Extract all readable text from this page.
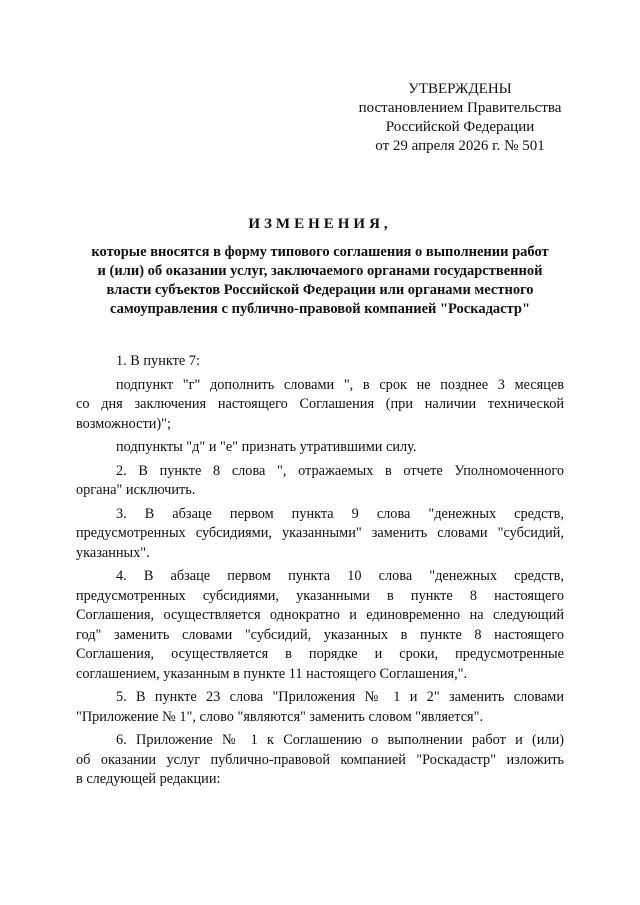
УТВЕРЖДЕНЫ
постановлением Правительства
Российской Федерации
от 29 апреля 2026 г. № 501
ИЗМЕНЕНИЯ,
которые вносятся в форму типового соглашения о выполнении работ
и (или) об оказании услуг, заключаемого органами государственной
власти субъектов Российской Федерации или органами местного
самоуправления с публично-правовой компанией "Роскадастр"
1. В пункте 7:
подпункт "г" дополнить словами ", в срок не позднее 3 месяцев
со дня заключения настоящего Соглашения (при наличии технической
возможности)";
подпункты "д" и "е" признать утратившими силу.
2. В пункте 8 слова ", отражаемых в отчете Уполномоченного
органа" исключить.
3. В абзаце первом пункта 9 слова "денежных средств,
предусмотренных субсидиями, указанными" заменить словами "субсидий,
указанных".
4. В абзаце первом пункта 10 слова "денежных средств,
предусмотренных субсидиями, указанными в пункте 8 настоящего
Соглашения, осуществляется однократно и единовременно на следующий
год" заменить словами "субсидий, указанных в пункте 8 настоящего
Соглашения, осуществляется в порядке и сроки, предусмотренные
соглашением, указанным в пункте 11 настоящего Соглашения,".
5. В пункте 23 слова "Приложения № 1 и 2" заменить словами
"Приложение № 1", слово "являются" заменить словом "является".
6. Приложение № 1 к Соглашению о выполнении работ и (или)
об оказании услуг публично-правовой компанией "Роскадастр" изложить
в следующей редакции:
